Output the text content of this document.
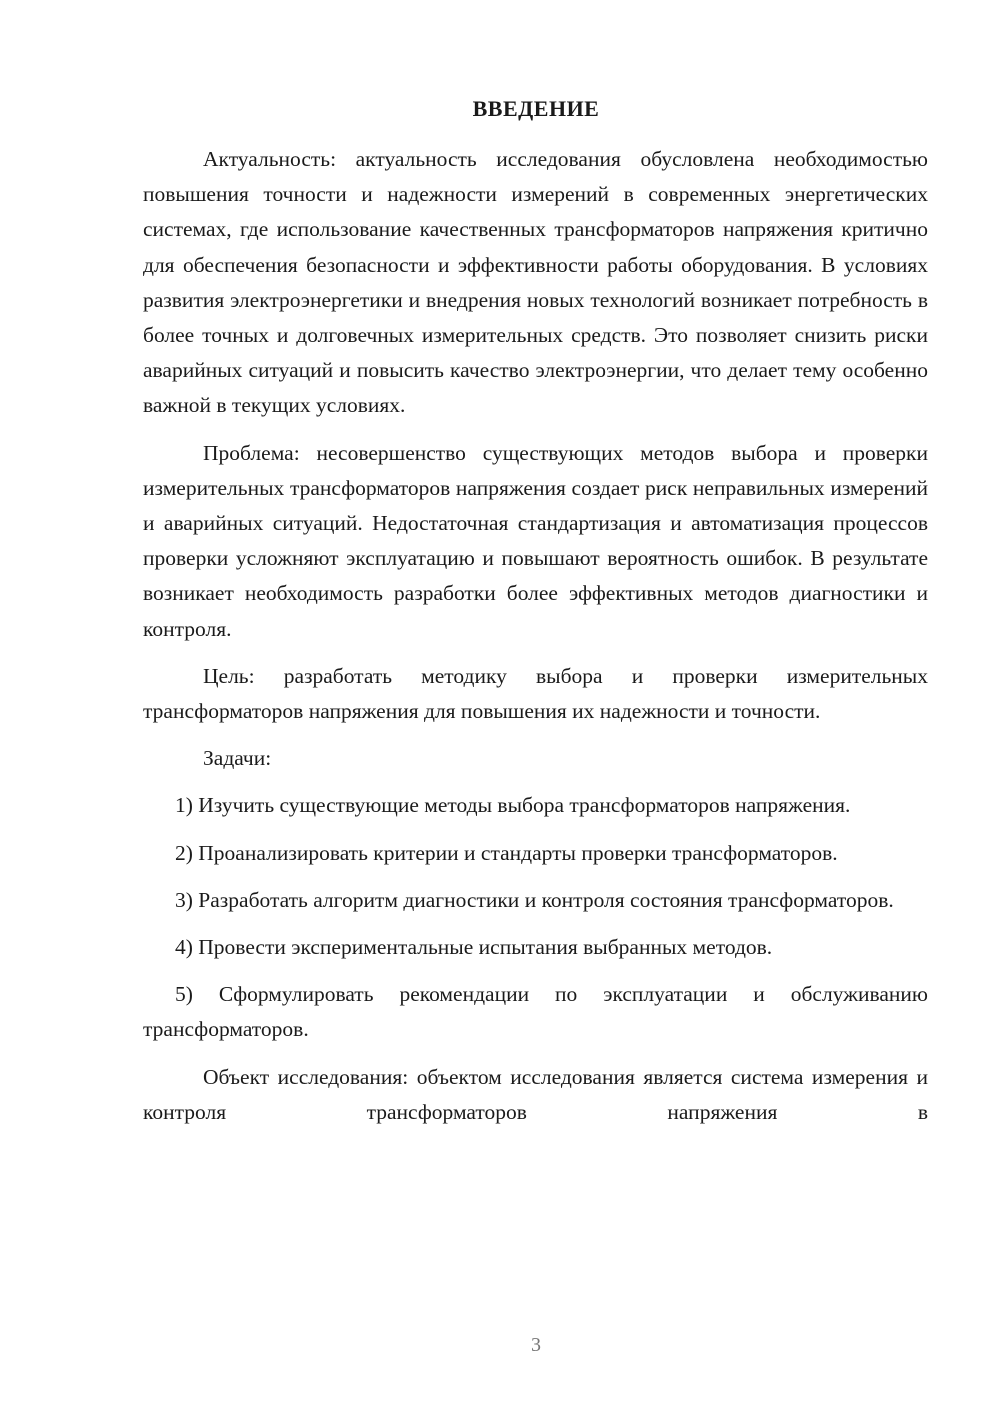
ВВЕДЕНИЕ

Актуальность: актуальность исследования обусловлена необходимостью повышения точности и надежности измерений в современных энергетических системах, где использование качественных трансформаторов напряжения критично для обеспечения безопасности и эффективности работы оборудования. В условиях развития электроэнергетики и внедрения новых технологий возникает потребность в более точных и долговечных измерительных средств. Это позволяет снизить риски аварийных ситуаций и повысить качество электроэнергии, что делает тему особенно важной в текущих условиях.

Проблема: несовершенство существующих методов выбора и проверки измерительных трансформаторов напряжения создает риск неправильных измерений и аварийных ситуаций. Недостаточная стандартизация и автоматизация процессов проверки усложняют эксплуатацию и повышают вероятность ошибок. В результате возникает необходимость разработки более эффективных методов диагностики и контроля.

Цель: разработать методику выбора и проверки измерительных трансформаторов напряжения для повышения их надежности и точности.

Задачи:

1) Изучить существующие методы выбора трансформаторов напряжения.

2) Проанализировать критерии и стандарты проверки трансформаторов.

3) Разработать алгоритм диагностики и контроля состояния трансформаторов.

4) Провести экспериментальные испытания выбранных методов.

5) Сформулировать рекомендации по эксплуатации и обслуживанию трансформаторов.

Объект исследования: объектом исследования является система измерения и контроля трансформаторов напряжения в

3
